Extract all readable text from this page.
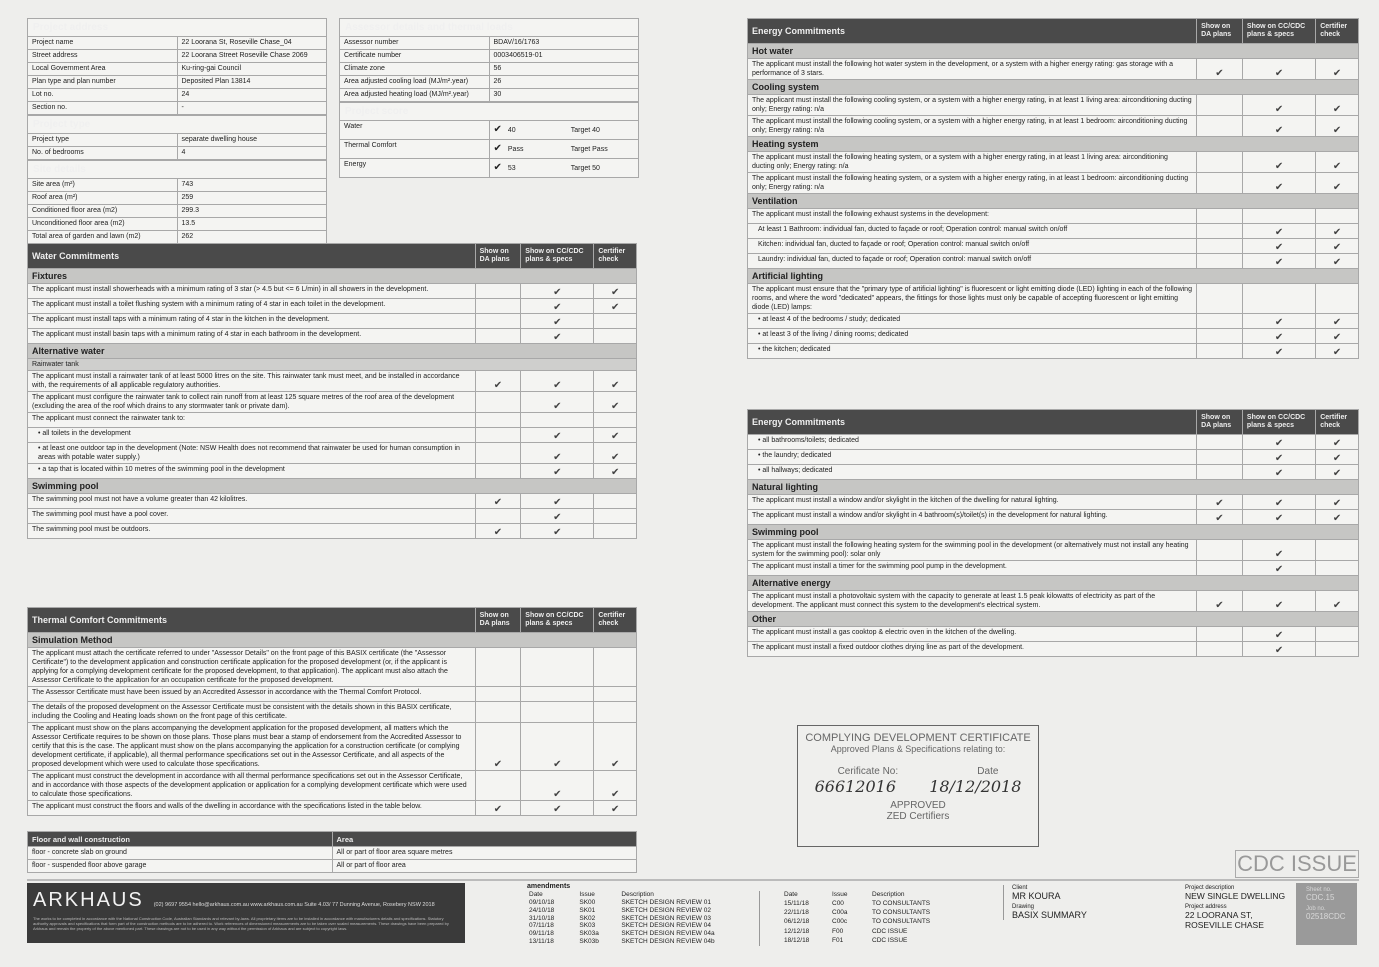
Project address	
Project name	22 Loorana St, Roseville Chase_04
Street address	22 Loorana Street Roseville Chase 2069
Local Government Area	Ku-ring-gai Council
Plan type and plan number	Deposited Plan 13814
Lot no.	24
Section no.	-
Project type	
Project type	separate dwelling house
No. of bedrooms	4
Site details	
Site area (m²)	743
Roof area (m²)	259
Conditioned floor area (m2)	299.3
Unconditioned floor area (m2)	13.5
Total area of garden and lawn (m2)	262
Assessor details and thermal loads	
Assessor number	BDAV/16/1763
Certificate number	0003406519-01
Climate zone	56
Area adjusted cooling load (MJ/m².year)	26
Area adjusted heating load (MJ/m².year)	30
Project score		
Water	✔ 40	Target 40
Thermal Comfort	✔ Pass	Target Pass
Energy	✔ 53	Target 50
Water Commitments	Show on DA plans	Show on CC/CDC plans & specs	Certifier check
Fixtures			
The applicant must install showerheads with a minimum rating of 3 star (> 4.5 but <= 6 L/min) in all showers in the development.		✔	✔
The applicant must install a toilet flushing system with a minimum rating of 4 star in each toilet in the development.		✔	✔
The applicant must install taps with a minimum rating of 4 star in the kitchen in the development.		✔	
The applicant must install basin taps with a minimum rating of 4 star in each bathroom in the development.		✔	
Alternative water			
Rainwater tank			
The applicant must install a rainwater tank of at least 5000 litres on the site. This rainwater tank must meet, and be installed in accordance with, the requirements of all applicable regulatory authorities.	✔	✔	✔
The applicant must configure the rainwater tank to collect rain runoff from at least 125 square metres of the roof area of the development (excluding the area of the roof which drains to any stormwater tank or private dam).		✔	✔
The applicant must connect the rainwater tank to:			
• all toilets in the development		✔	✔
• at least one outdoor tap in the development (Note: NSW Health does not recommend that rainwater be used for human consumption in areas with potable water supply.)		✔	✔
• a tap that is located within 10 metres of the swimming pool in the development		✔	✔
Swimming pool			
The swimming pool must not have a volume greater than 42 kilolitres.	✔	✔	
The swimming pool must have a pool cover.		✔	
The swimming pool must be outdoors.	✔	✔	
Thermal Comfort Commitments	Show on DA plans	Show on CC/CDC plans & specs	Certifier check
Simulation Method			
The applicant must attach the certificate referred to under "Assessor Details" on the front page of this BASIX certificate (the "Assessor Certificate") to the development application and construction certificate application for the proposed development (or, if the applicant is applying for a complying development certificate for the proposed development, to that application). The applicant must also attach the Assessor Certificate to the application for an occupation certificate for the proposed development.			
The Assessor Certificate must have been issued by an Accredited Assessor in accordance with the Thermal Comfort Protocol.			
The details of the proposed development on the Assessor Certificate must be consistent with the details shown in this BASIX certificate, including the Cooling and Heating loads shown on the front page of this certificate.			
The applicant must show on the plans accompanying the development application for the proposed development, all matters which the Assessor Certificate requires to be shown on those plans. Those plans must bear a stamp of endorsement from the Accredited Assessor to certify that this is the case. The applicant must show on the plans accompanying the application for a construction certificate (or complying development certificate, if applicable), all thermal performance specifications set out in the Assessor Certificate, and all aspects of the proposed development which were used to calculate those specifications.	✔	✔	✔
The applicant must construct the development in accordance with all thermal performance specifications set out in the Assessor Certificate, and in accordance with those aspects of the development application or application for a complying development certificate which were used to calculate those specifications.		✔	✔
The applicant must construct the floors and walls of the dwelling in accordance with the specifications listed in the table below.	✔	✔	✔
Floor and wall construction	Area
floor - concrete slab on ground	All or part of floor area square metres
floor - suspended floor above garage	All or part of floor area
Energy Commitments	Show on DA plans	Show on CC/CDC plans & specs	Certifier check
Hot water			
The applicant must install the following hot water system in the development, or a system with a higher energy rating: gas storage with a performance of 3 stars.	✔	✔	✔
Cooling system			
The applicant must install the following cooling system, or a system with a higher energy rating, in at least 1 living area: airconditioning ducting only; Energy rating: n/a		✔	✔
The applicant must install the following cooling system, or a system with a higher energy rating, in at least 1 bedroom: airconditioning ducting only; Energy rating: n/a		✔	✔
Heating system			
The applicant must install the following heating system, or a system with a higher energy rating, in at least 1 living area: airconditioning ducting only; Energy rating: n/a		✔	✔
The applicant must install the following heating system, or a system with a higher energy rating, in at least 1 bedroom: airconditioning ducting only; Energy rating: n/a		✔	✔
Ventilation			
The applicant must install the following exhaust systems in the development:			
At least 1 Bathroom: individual fan, ducted to façade or roof; Operation control: manual switch on/off		✔	✔
Kitchen: individual fan, ducted to façade or roof; Operation control: manual switch on/off		✔	✔
Laundry: individual fan, ducted to façade or roof; Operation control: manual switch on/off		✔	✔
Artificial lighting			
The applicant must ensure that the "primary type of artificial lighting" is fluorescent or light emitting diode (LED) lighting in each of the following rooms, and where the word "dedicated" appears, the fittings for those lights must only be capable of accepting fluorescent or light emitting diode (LED) lamps:			
• at least 4 of the bedrooms / study; dedicated		✔	✔
• at least 3 of the living / dining rooms; dedicated		✔	✔
• the kitchen; dedicated		✔	✔
Energy Commitments	Show on DA plans	Show on CC/CDC plans & specs	Certifier check
• all bathrooms/toilets; dedicated		✔	✔
• the laundry; dedicated		✔	✔
• all hallways; dedicated		✔	✔
Natural lighting			
The applicant must install a window and/or skylight in the kitchen of the dwelling for natural lighting.	✔	✔	✔
The applicant must install a window and/or skylight in 4 bathroom(s)/toilet(s) in the development for natural lighting.	✔	✔	✔
Swimming pool			
The applicant must install the following heating system for the swimming pool in the development (or alternatively must not install any heating system for the swimming pool): solar only		✔	
The applicant must install a timer for the swimming pool pump in the development.		✔	
Alternative energy			
The applicant must install a photovoltaic system with the capacity to generate at least 1.5 peak kilowatts of electricity as part of the development. The applicant must connect this system to the development's electrical system.	✔	✔	✔
Other			
The applicant must install a gas cooktop & electric oven in the kitchen of the dwelling.		✔	
The applicant must install a fixed outdoor clothes drying line as part of the development.		✔	
COMPLYING DEVELOPMENT CERTIFICATE
Approved Plans & Specifications relating to:
Cerificate No:	Date
66612016 18/12/2018
APPROVED
ZED Certifiers
CDC ISSUE
ARKHAUS (02) 9697 9554 hello@arkhaus.com.au www.arkhaus.com.au Suite 4.03/ 77 Dunning Avenue, Rosebery NSW 2018
The works to be completed in accordance with the National Construction Code, Australian Standards and relevant by-laws. All proprietary items are to be installed in accordance with manufacturers details and specifications. Statutory authority approvals and specifications that form part of the construction methods are to be adhered to. Work references of dimensioned measurements are to be taken over scaled measurements. These drawings have been prepared by Arkhaus and remain the property of the above mentioned part. These drawings are not to be used in any way without the permission of Arkhaus and are subject to copyright laws.
amendments
Date	Issue	Description
09/10/18	SK00	SKETCH DESIGN REVIEW 01
24/10/18	SK01	SKETCH DESIGN REVIEW 02
31/10/18	SK02	SKETCH DESIGN REVIEW 03
07/11/18	SK03	SKETCH DESIGN REVIEW 04
09/11/18	SK03a	SKETCH DESIGN REVIEW 04a
13/11/18	SK03b	SKETCH DESIGN REVIEW 04b
Date	Issue	Description
15/11/18	C00	TO CONSULTANTS
22/11/18	C00a	TO CONSULTANTS
06/12/18	C00c	TO CONSULTANTS
12/12/18	F00	CDC ISSUE
18/12/18	F01	CDC ISSUE
Client
MR KOURA
Drawing
BASIX SUMMARY
Project description
NEW SINGLE DWELLING
Project address
22 LOORANA ST,
ROSEVILLE CHASE
Sheet no.
CDC.15
Job no.
02518CDC
